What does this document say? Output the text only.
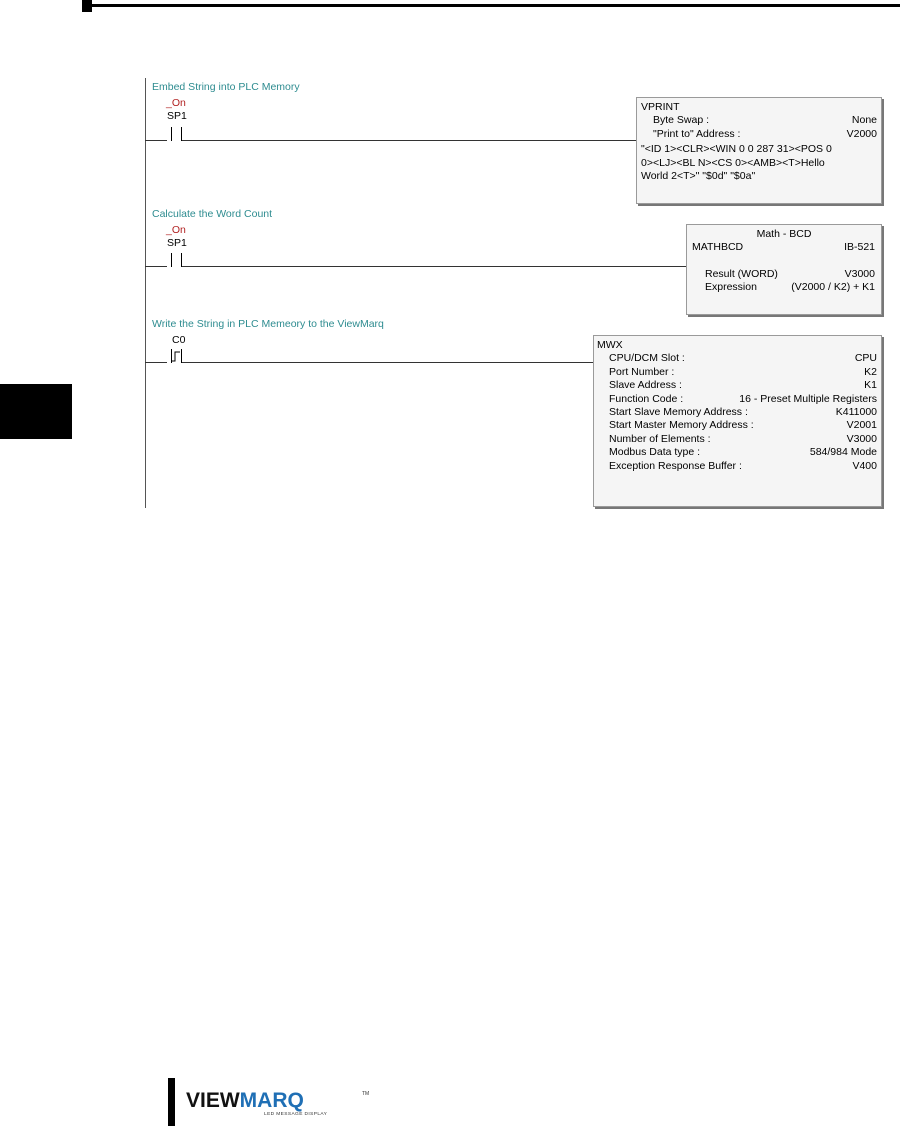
Embed String into PLC Memory
_On
SP1
VPRINT
Byte Swap :	None
"Print to" Address :	V2000
"<ID 1><CLR><WIN 0 0 287 31><POS 0
0><LJ><BL N><CS 0><AMB><T>Hello
World 2<T>" "$0d" "$0a"
Calculate the Word Count
_On
SP1
Math - BCD
MATHBCD	IB-521
Result (WORD)	V3000
Expression	(V2000 / K2) + K1
Write the String in PLC Memeory to the ViewMarq
C0	MWX
CPU/DCM Slot :	CPU
Port Number :	K2
Slave Address :	K1
Function Code :	16 - Preset Multiple Registers
Start Slave Memory Address :	K411000
Start Master Memory Address :	V2001
Number of Elements :	V3000
Modbus Data type :	584/984 Mode
Exception Response Buffer :	V400
VIEWMARQ
LED MESSAGE DISPLAY
TM
